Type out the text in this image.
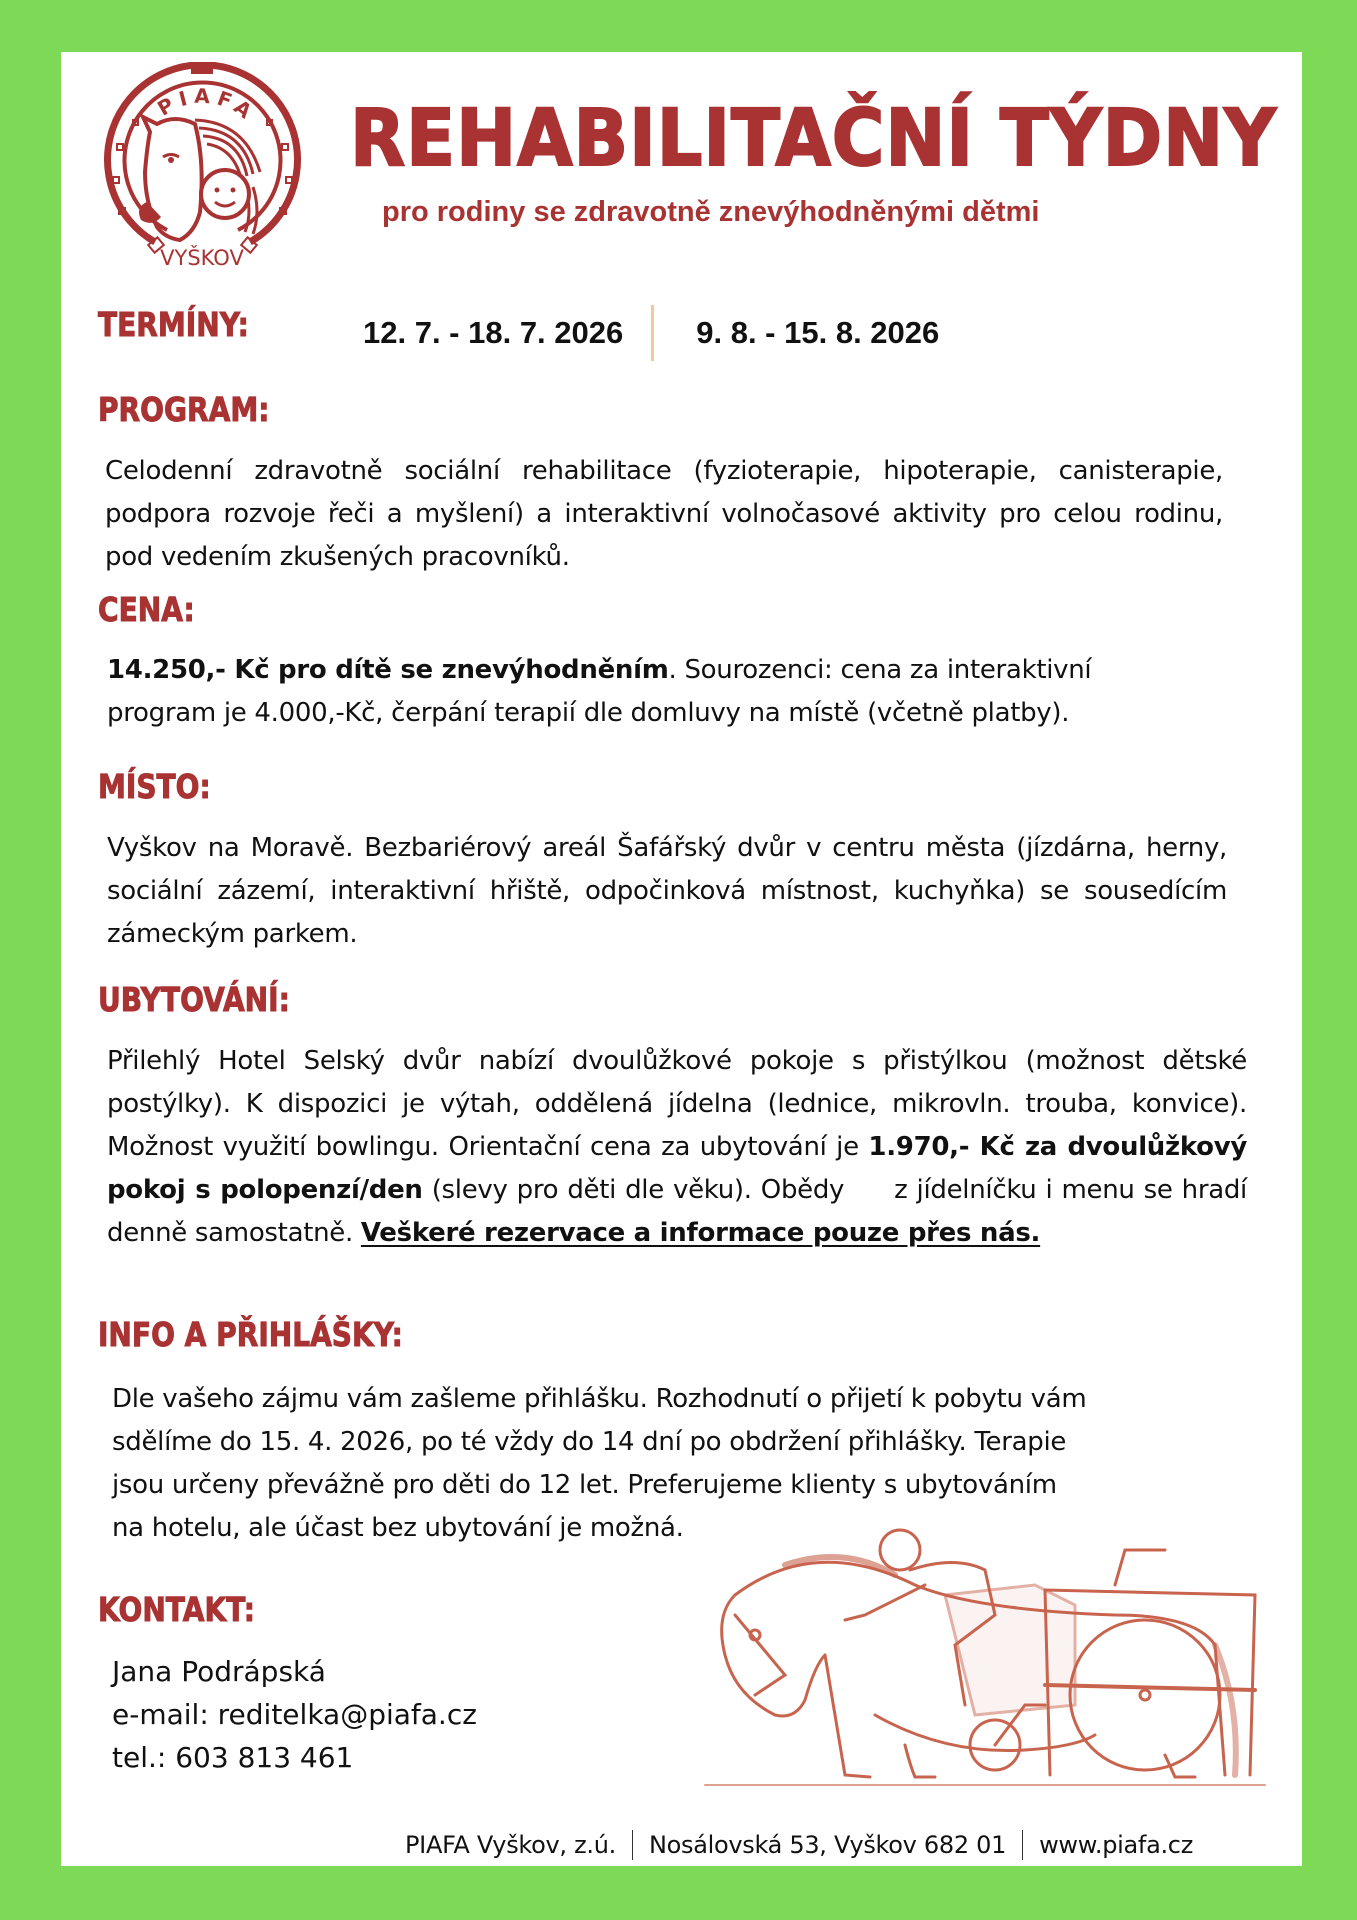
PIAFA
VYŠKOV
REHABILITAČNÍ TÝDNY
pro rodiny se zdravotně znevýhodněnými dětmi
TERMÍNY:	12. 7. - 18. 7. 2026 9. 8. - 15. 8. 2026
PROGRAM:
Celodenní zdravotně sociální rehabilitace (fyzioterapie, hipoterapie, canisterapie, podpora rozvoje řeči a myšlení) a interaktivní volnočasové aktivity pro celou rodinu, pod vedením zkušených pracovníků.
CENA:
14.250,- Kč pro dítě se znevýhodněním. Sourozenci: cena za interaktivní program je 4.000,-Kč, čerpání terapií dle domluvy na místě (včetně platby).
MÍSTO:
Vyškov na Moravě. Bezbariérový areál Šafářský dvůr v centru města (jízdárna, herny, sociální zázemí, interaktivní hřiště, odpočinková místnost, kuchyňka) se sousedícím zámeckým parkem.
UBYTOVÁNÍ:
Přilehlý Hotel Selský dvůr nabízí dvoulůžkové pokoje s přistýlkou (možnost dětské postýlky). K dispozici je výtah, oddělená jídelna (lednice, mikrovln. trouba, konvice). Možnost využití bowlingu. Orientační cena za ubytování je 1.970,- Kč za dvoulůžkový pokoj s polopenzí/den (slevy pro děti dle věku). Obědy z jídelníčku i menu se hradí denně samostatně. Veškeré rezervace a informace pouze přes nás.
INFO A PŘIHLÁŠKY:
Dle vašeho zájmu vám zašleme přihlášku. Rozhodnutí o přijetí k pobytu vám
sdělíme do 15. 4. 2026, po té vždy do 14 dní po obdržení přihlášky. Terapie
jsou určeny převážně pro děti do 12 let. Preferujeme klienty s ubytováním
na hotelu, ale účast bez ubytování je možná.
KONTAKT:
Jana Podrápská
e-mail: reditelka@piafa.cz
tel.: 603 813 461
PIAFA Vyškov, z.ú. Nosálovská 53, Vyškov 682 01 www.piafa.cz
